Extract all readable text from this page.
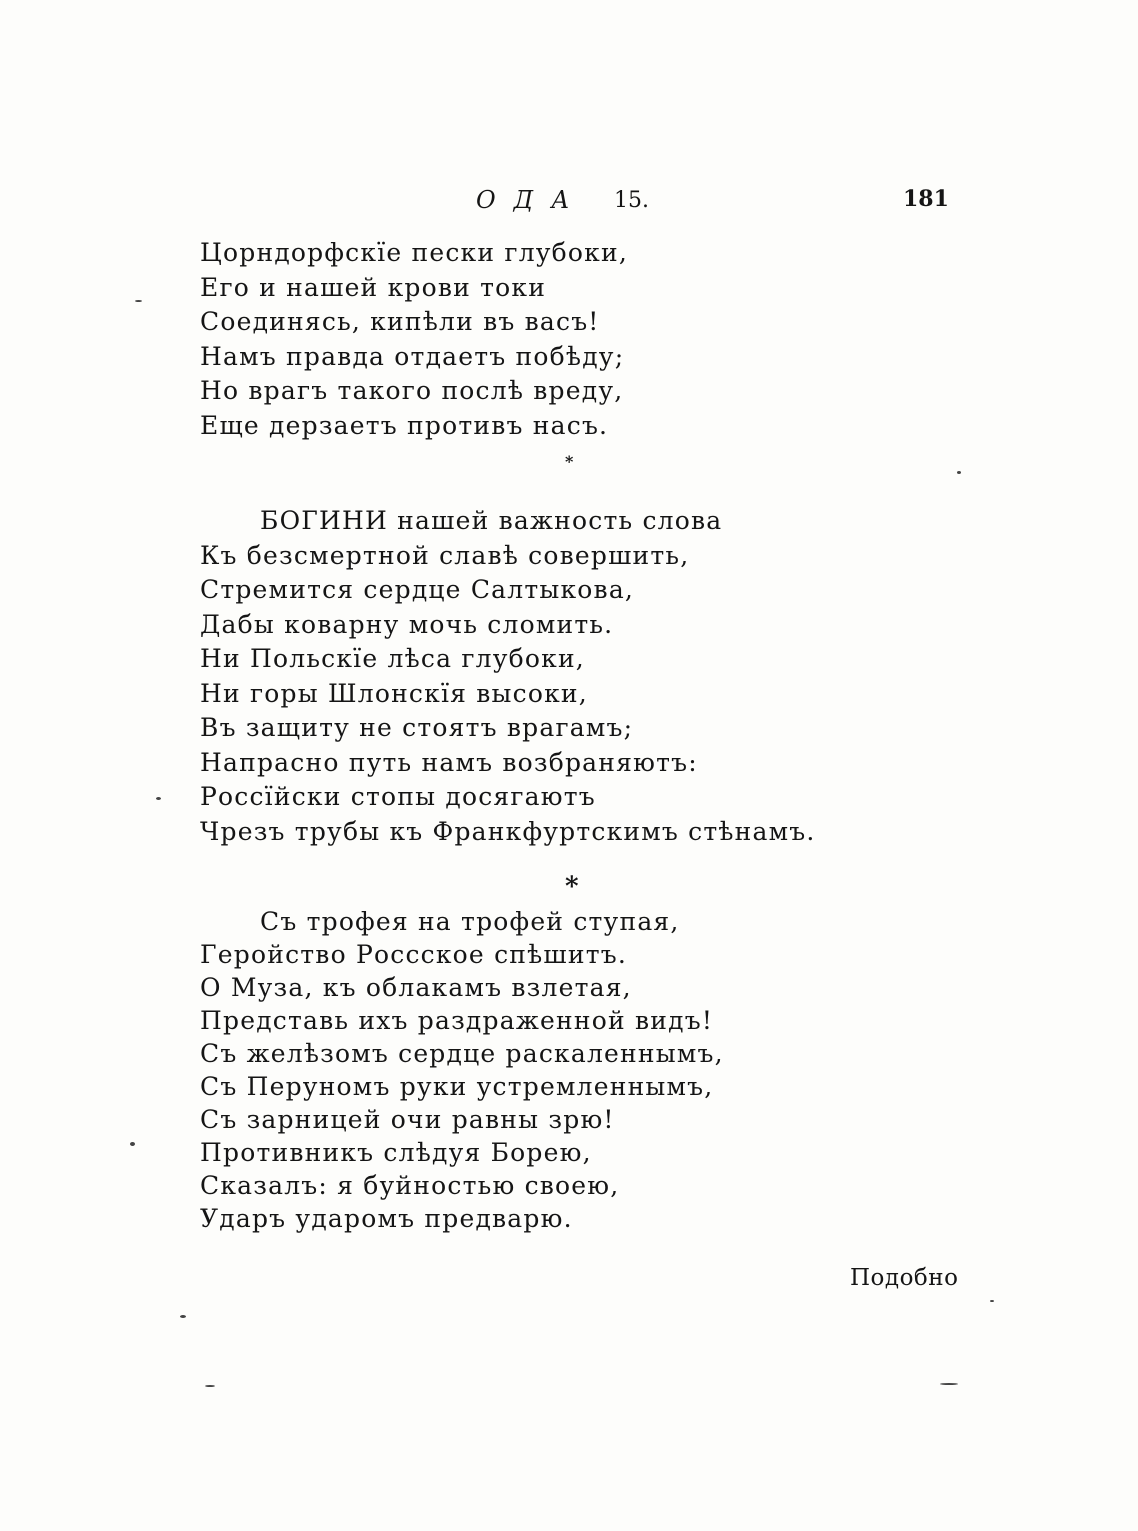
ОДА 15.	181
Цорндорфскїе пески глубоки,
Его и нашей крови токи
Соединясь, кипѣли въ васъ!
Намъ правда отдаетъ побѣду;
Но врагъ такого послѣ вреду,
Еще дерзаетъ противъ насъ.
*
БОГИНИ нашей важность слова
Къ безсмертной славѣ совершить,
Стремится сердце Салтыкова,
Дабы коварну мочь сломить.
Ни Польскїе лѣса глубоки,
Ни горы Шлонскїя высоки,
Въ защиту не стоятъ врагамъ;
Напрасно путь намъ возбраняютъ:
Россїйски стопы досягаютъ
Чрезъ трубы къ Франкфуртскимъ стѣнамъ.
*
Съ трофея на трофей ступая,
Геройство Россское спѣшитъ.
О Муза, къ облакамъ взлетая,
Представь ихъ раздраженной видъ!
Съ желѣзомъ сердце раскаленнымъ,
Съ Перуномъ руки устремленнымъ,
Съ зарницей очи равны зрю!
Противникъ слѣдуя Борею,
Сказалъ: я буйностью своею,
Ударъ ударомъ предварю.
Подобно
